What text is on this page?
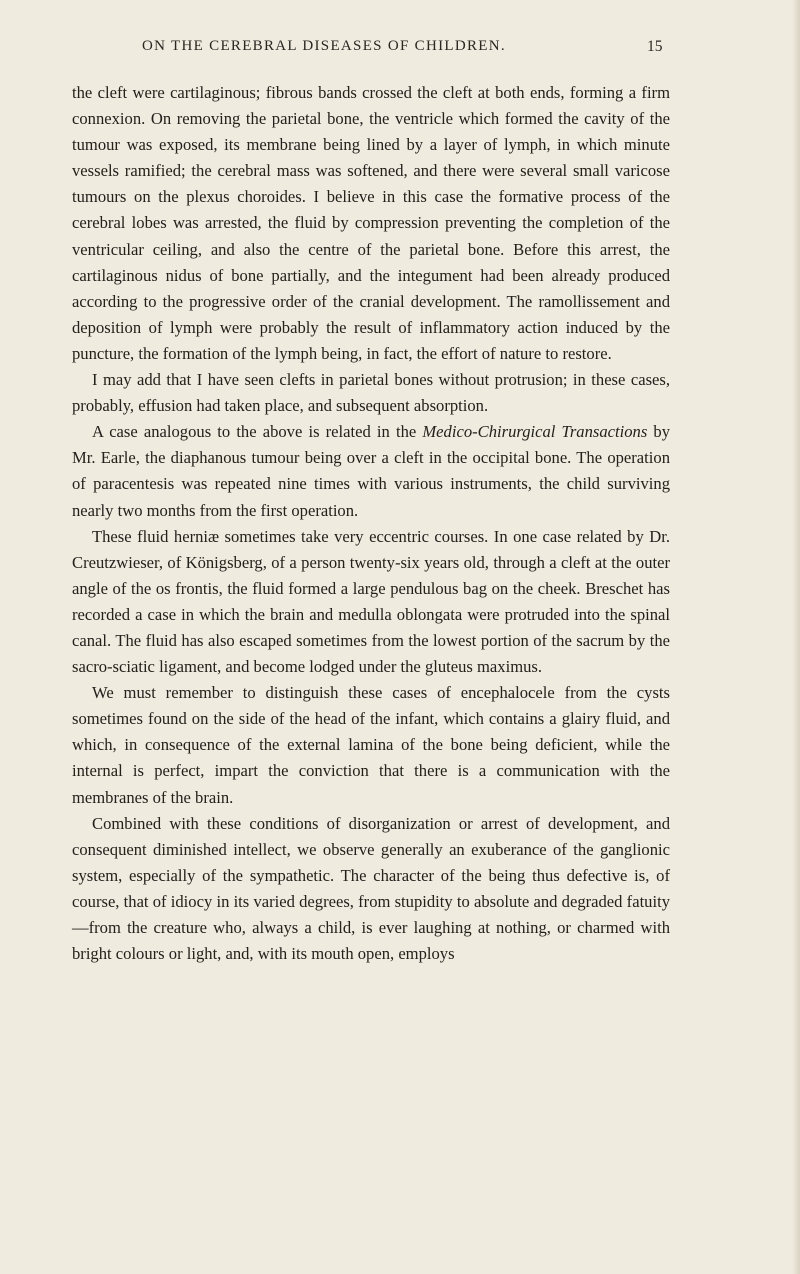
ON THE CEREBRAL DISEASES OF CHILDREN.	15

the cleft were cartilaginous; fibrous bands crossed the cleft at both ends, forming a firm connexion. On removing the parietal bone, the ventricle which formed the cavity of the tumour was exposed, its membrane being lined by a layer of lymph, in which minute vessels ramified; the cerebral mass was softened, and there were several small varicose tumours on the plexus choroides. I believe in this case the formative process of the cerebral lobes was arrested, the fluid by compression preventing the completion of the ventricular ceiling, and also the centre of the parietal bone. Before this arrest, the cartilaginous nidus of bone partially, and the integument had been already produced according to the progressive order of the cranial development. The ramollissement and deposition of lymph were probably the result of inflammatory action induced by the puncture, the formation of the lymph being, in fact, the effort of nature to restore.

I may add that I have seen clefts in parietal bones without protrusion; in these cases, probably, effusion had taken place, and subsequent absorption.

A case analogous to the above is related in the Medico-Chirurgical Transactions by Mr. Earle, the diaphanous tumour being over a cleft in the occipital bone. The operation of paracentesis was repeated nine times with various instruments, the child surviving nearly two months from the first operation.

These fluid herniæ sometimes take very eccentric courses. In one case related by Dr. Creutzwieser, of Königsberg, of a person twenty-six years old, through a cleft at the outer angle of the os frontis, the fluid formed a large pendulous bag on the cheek. Breschet has recorded a case in which the brain and medulla oblongata were protruded into the spinal canal. The fluid has also escaped sometimes from the lowest portion of the sacrum by the sacro-sciatic ligament, and become lodged under the gluteus maximus.

We must remember to distinguish these cases of encephalocele from the cysts sometimes found on the side of the head of the infant, which contains a glairy fluid, and which, in consequence of the external lamina of the bone being deficient, while the internal is perfect, impart the conviction that there is a communication with the membranes of the brain.

Combined with these conditions of disorganization or arrest of development, and consequent diminished intellect, we observe generally an exuberance of the ganglionic system, especially of the sympathetic. The character of the being thus defective is, of course, that of idiocy in its varied degrees, from stupidity to absolute and degraded fatuity—from the creature who, always a child, is ever laughing at nothing, or charmed with bright colours or light, and, with its mouth open, employs
